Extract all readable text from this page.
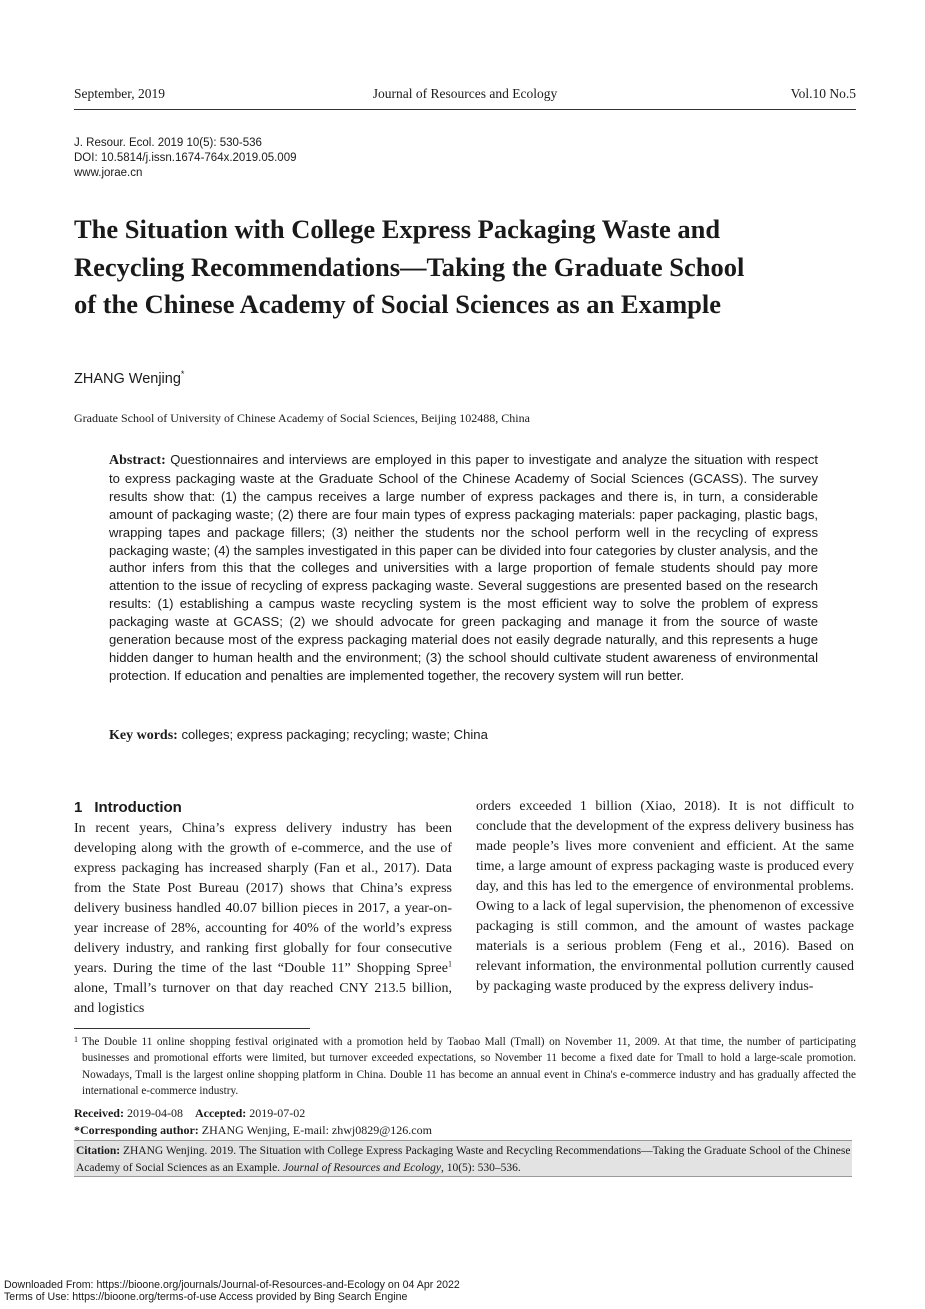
September, 2019	Journal of Resources and Ecology	Vol.10 No.5
J. Resour. Ecol. 2019 10(5): 530-536
DOI: 10.5814/j.issn.1674-764x.2019.05.009
www.jorae.cn
The Situation with College Express Packaging Waste and
Recycling Recommendations—Taking the Graduate School
of the Chinese Academy of Social Sciences as an Example
ZHANG Wenjing*
Graduate School of University of Chinese Academy of Social Sciences, Beijing 102488, China

Abstract: Questionnaires and interviews are employed in this paper to investigate and analyze the situation with respect to express packaging waste at the Graduate School of the Chinese Academy of Social Sciences (GCASS). The survey results show that: (1) the campus receives a large number of express packages and there is, in turn, a considerable amount of packaging waste; (2) there are four main types of express packaging materials: paper packaging, plastic bags, wrapping tapes and package fillers; (3) neither the students nor the school perform well in the recycling of express packaging waste; (4) the samples investigated in this paper can be divided into four categories by cluster analysis, and the author infers from this that the colleges and universities with a large proportion of female students should pay more attention to the issue of recycling of express packaging waste. Several suggestions are presented based on the research results: (1) establishing a campus waste recycling system is the most efficient way to solve the problem of express packaging waste at GCASS; (2) we should advocate for green packaging and manage it from the source of waste generation because most of the express packaging material does not easily degrade naturally, and this represents a huge hidden danger to human health and the environment; (3) the school should cultivate student awareness of environmental protection. If education and penalties are implemented together, the recovery system will run better.

Key words: colleges; express packaging; recycling; waste; China
1 Introduction

In recent years, China’s express delivery industry has been developing along with the growth of e-commerce, and the use of express packaging has increased sharply (Fan et al., 2017). Data from the State Post Bureau (2017) shows that China’s express delivery business handled 40.07 billion pieces in 2017, a year-on-year increase of 28%, accounting for 40% of the world’s express delivery industry, and ranking first globally for four consecutive years. During the time of the last “Double 11” Shopping Spree$^1$ alone, Tmall’s turnover on that day reached CNY 213.5 billion, and logistics

orders exceeded 1 billion (Xiao, 2018). It is not difficult to conclude that the development of the express delivery business has made people’s lives more convenient and efficient. At the same time, a large amount of express packaging waste is produced every day, and this has led to the emergence of environmental problems. Owing to a lack of legal supervision, the phenomenon of excessive packaging is still common, and the amount of wastes package materials is a serious problem (Feng et al., 2016). Based on relevant information, the environmental pollution currently caused by packaging waste produced by the express delivery indus-

1 The Double 11 online shopping festival originated with a promotion held by Taobao Mall (Tmall) on November 11, 2009. At that time, the number of participating businesses and promotional efforts were limited, but turnover exceeded expectations, so November 11 become a fixed date for Tmall to hold a large-scale promotion. Nowadays, Tmall is the largest online shopping platform in China. Double 11 has become an annual event in China's e-commerce industry and has gradually affected the international e-commerce industry.

Received: 2019-04-08 Accepted: 2019-07-02
*Corresponding author: ZHANG Wenjing, E-mail: zhwj0829@126.com
Citation: ZHANG Wenjing. 2019. The Situation with College Express Packaging Waste and Recycling Recommendations—Taking the Graduate School of the Chinese Academy of Social Sciences as an Example. Journal of Resources and Ecology, 10(5): 530–536.
Downloaded From: https://bioone.org/journals/Journal-of-Resources-and-Ecology on 04 Apr 2022
Terms of Use: https://bioone.org/terms-of-use Access provided by Bing Search Engine
